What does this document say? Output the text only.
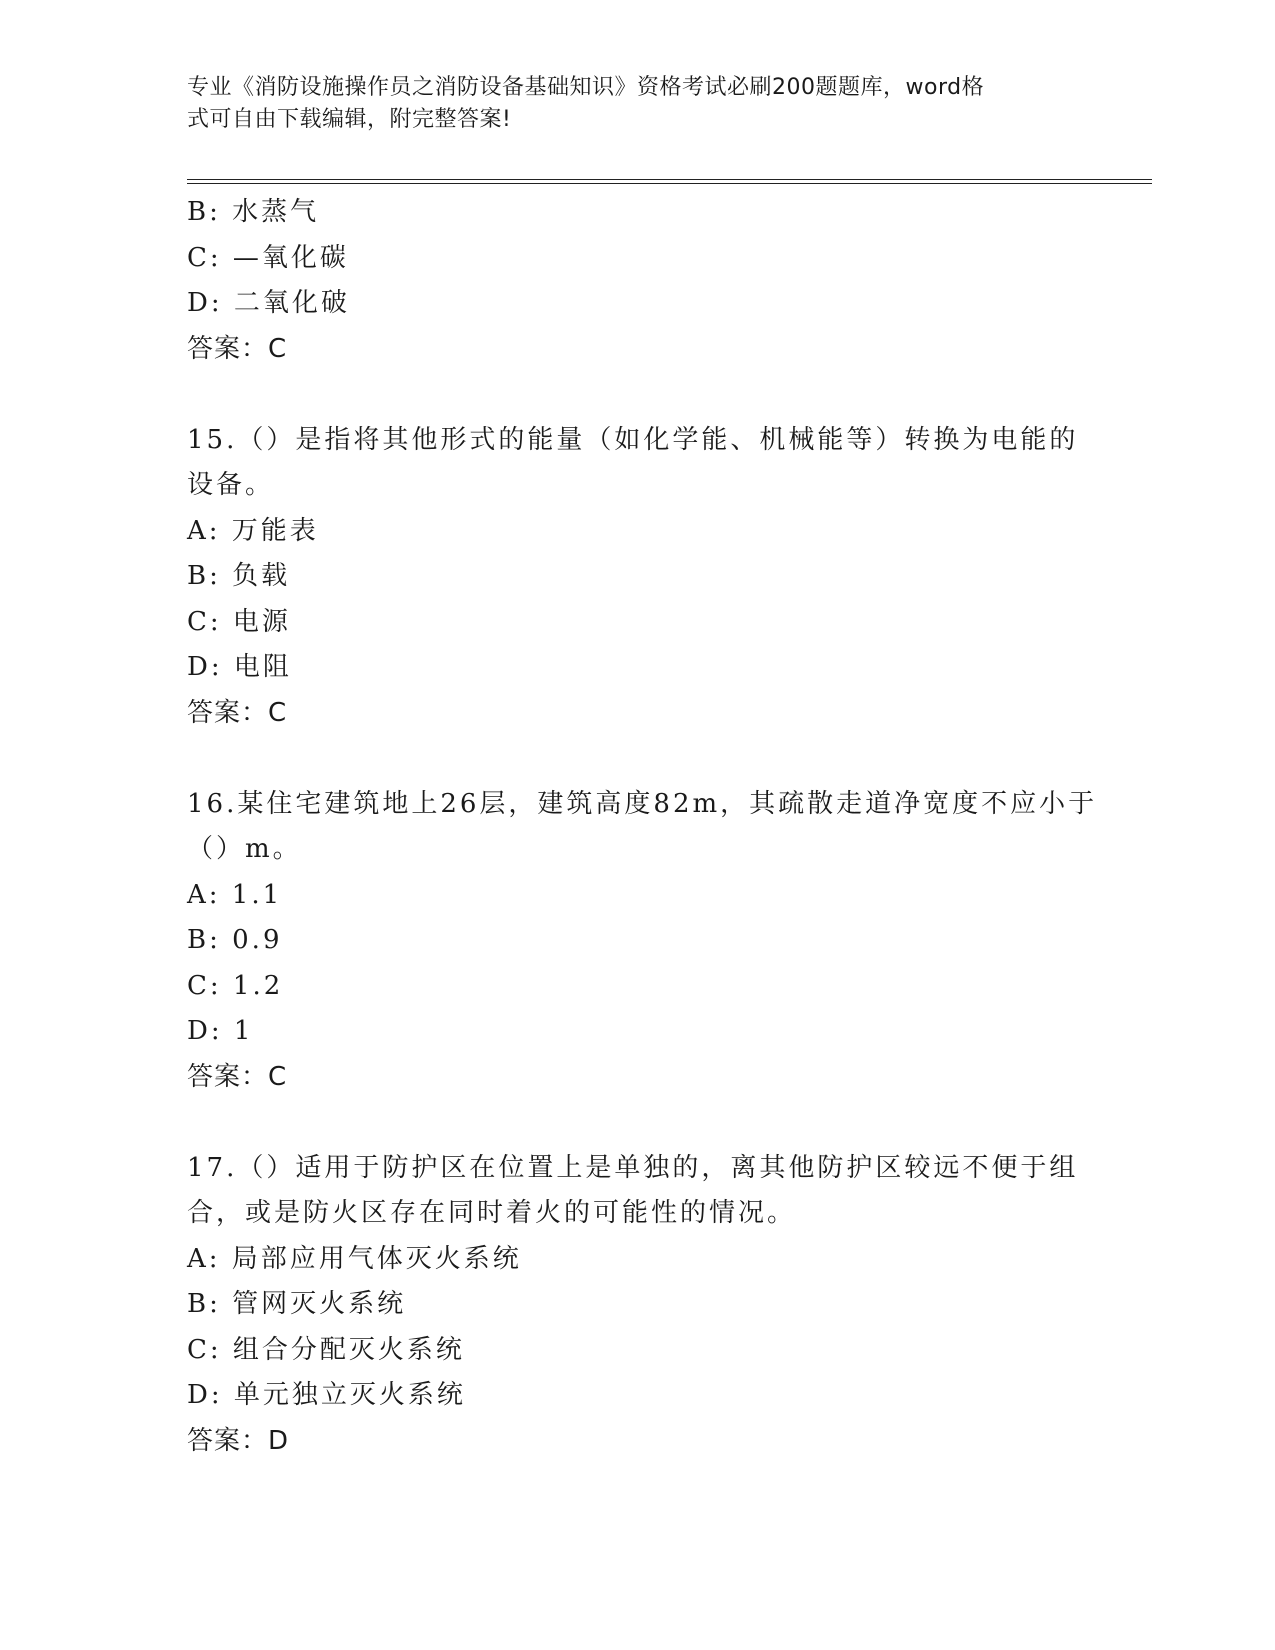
专业《消防设施操作员之消防设备基础知识》资格考试必刷200题题库，word格
式可自由下载编辑，附完整答案!
B: 水蒸气
C: —氧化碳
D: 二氧化破
答案：C
15.（）是指将其他形式的能量（如化学能、机械能等）转换为电能的
设备。
A: 万能表
B: 负载
C: 电源
D: 电阻
答案：C
16.某住宅建筑地上26层，建筑高度82m，其疏散走道净宽度不应小于
（）m。
A: 1.1
B: 0.9
C: 1.2
D: 1
答案：C
17.（）适用于防护区在位置上是单独的，离其他防护区较远不便于组
合，或是防火区存在同时着火的可能性的情况。
A: 局部应用气体灭火系统
B: 管网灭火系统
C: 组合分配灭火系统
D: 单元独立灭火系统
答案：D
